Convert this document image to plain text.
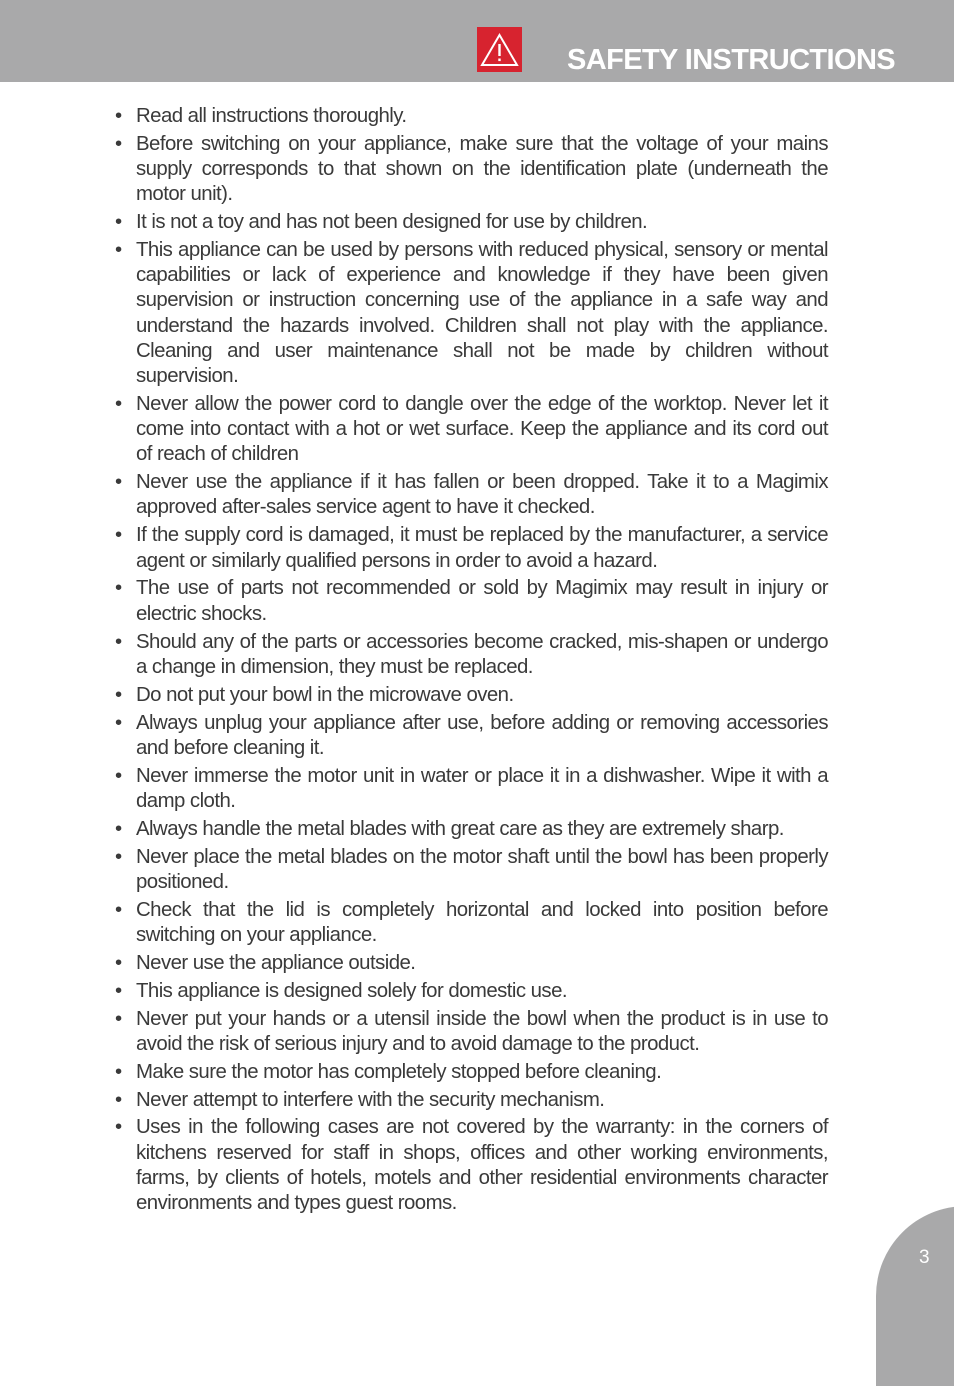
SAFETY INSTRUCTIONS
• Read all instructions thoroughly.
• Before switching on your appliance, make sure that the voltage of your mains supply corresponds to that shown on the identification plate (underneath the motor unit).
• It is not a toy and has not been designed for use by children.
• This appliance can be used by persons with reduced physical, sensory or mental capabilities or lack of experience and knowledge if they have been given supervision or instruction concerning use of the appliance in a safe way and understand the hazards involved. Children shall not play with the appliance. Cleaning and user maintenance shall not be made by children without supervision.
• Never allow the power cord to dangle over the edge of the worktop. Never let it come into contact with a hot or wet surface. Keep the appliance and its cord out of reach of children
• Never use the appliance if it has fallen or been dropped. Take it to a Magimix approved after-sales service agent to have it checked.
• If the supply cord is damaged, it must be replaced by the manufacturer, a service agent or similarly qualified persons in order to avoid a hazard.
• The use of parts not recommended or sold by Magimix may result in injury or electric shocks.
• Should any of the parts or accessories become cracked, mis-shapen or undergo a change in dimension, they must be replaced.
• Do not put your bowl in the microwave oven.
• Always unplug your appliance after use, before adding or removing accessories and before cleaning it.
• Never immerse the motor unit in water or place it in a dishwasher. Wipe it with a damp cloth.
• Always handle the metal blades with great care as they are extremely sharp.
• Never place the metal blades on the motor shaft until the bowl has been properly positioned.
• Check that the lid is completely horizontal and locked into position before switching on your appliance.
• Never use the appliance outside.
• This appliance is designed solely for domestic use.
• Never put your hands or a utensil inside the bowl when the product is in use to avoid the risk of serious injury and to avoid damage to the product.
• Make sure the motor has completely stopped before cleaning.
• Never attempt to interfere with the security mechanism.
• Uses in the following cases are not covered by the warranty: in the corners of kitchens reserved for staff in shops, offices and other working environments, farms, by clients of hotels, motels and other residential environments character environments and types guest rooms.
3
